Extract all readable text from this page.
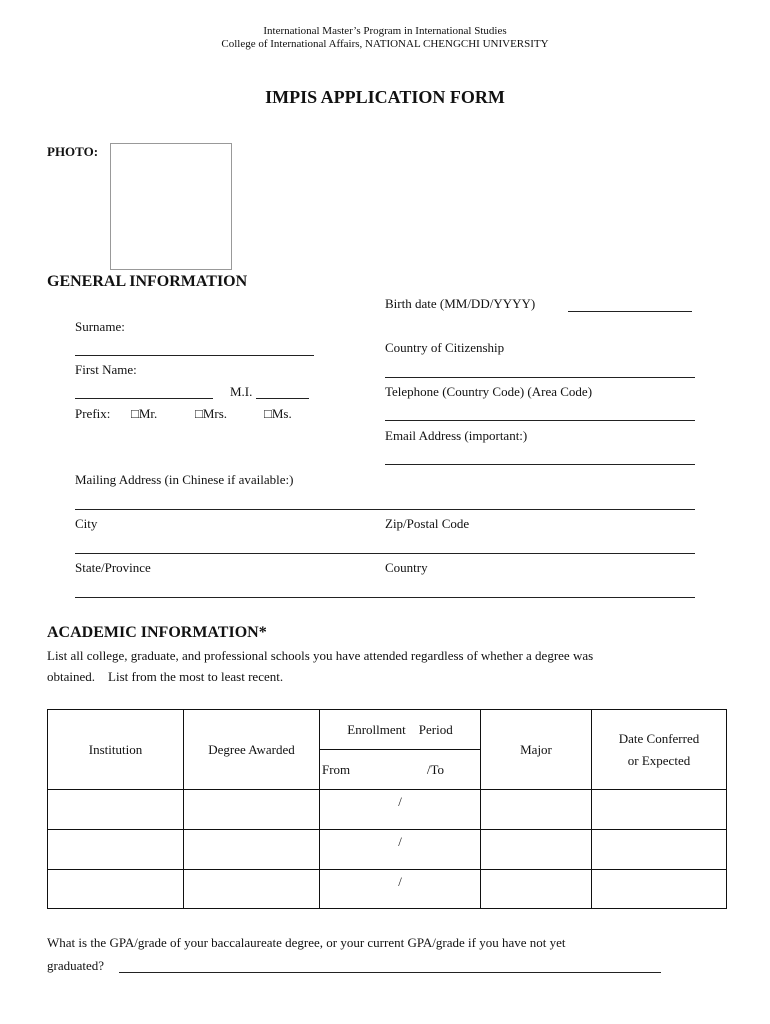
International Master’s Program in International Studies
College of International Affairs, NATIONAL CHENGCHI UNIVERSITY
IMPIS APPLICATION FORM
PHOTO:
GENERAL INFORMATION
Birth date (MM/DD/YYYY)
Surname:
Country of Citizenship
First Name:
M.I.	Telephone (Country Code) (Area Code)
Prefix: □Mr.	□Mrs.	□Ms.
Email Address (important:)
Mailing Address (in Chinese if available:)
City	Zip/Postal Code
State/Province	Country
ACADEMIC INFORMATION*
List all college, graduate, and professional schools you have attended regardless of whether a degree was
obtained.    List from the most to least recent.
Institution	Degree Awarded	Enrollment    Period	Major	Date Conferred
or Expected

		From /To		

		/		
		/		
		/		
What is the GPA/grade of your baccalaureate degree, or your current GPA/grade if you have not yet
graduated?
